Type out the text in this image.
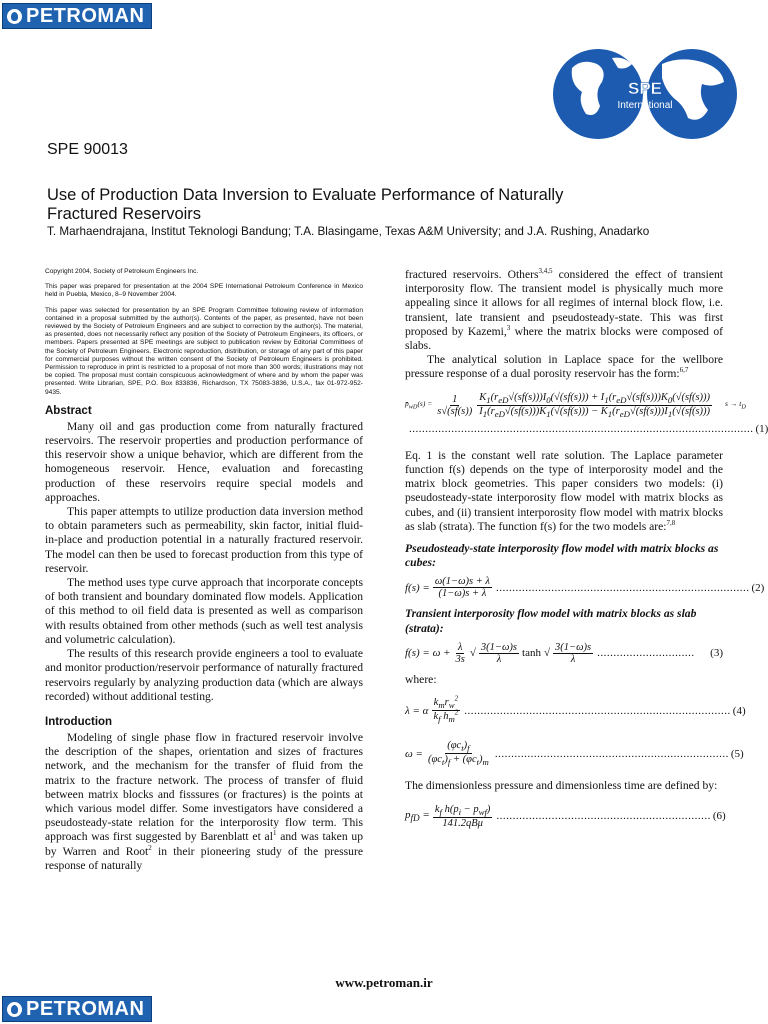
PETROMAN
SPE
International
SPE 90013
Use of Production Data Inversion to Evaluate Performance of Naturally
Fractured Reservoirs
T. Marhaendrajana, Institut Teknologi Bandung; T.A. Blasingame, Texas A&M University; and J.A. Rushing, Anadarko

Copyright 2004, Society of Petroleum Engineers Inc.

This paper was prepared for presentation at the 2004 SPE International Petroleum Conference in Mexico held in Puebla, Mexico, 8–9 November 2004.

This paper was selected for presentation by an SPE Program Committee following review of information contained in a proposal submitted by the author(s). Contents of the paper, as presented, have not been reviewed by the Society of Petroleum Engineers and are subject to correction by the author(s). The material, as presented, does not necessarily reflect any position of the Society of Petroleum Engineers, its officers, or members. Papers presented at SPE meetings are subject to publication review by Editorial Committees of the Society of Petroleum Engineers. Electronic reproduction, distribution, or storage of any part of this paper for commercial purposes without the written consent of the Society of Petroleum Engineers is prohibited. Permission to reproduce in print is restricted to a proposal of not more than 300 words; illustrations may not be copied. The proposal must contain conspicuous acknowledgment of where and by whom the paper was presented. Write Librarian, SPE, P.O. Box 833836, Richardson, TX 75083-3836, U.S.A., fax 01-972-952-9435.

Abstract

Many oil and gas production come from naturally fractured reservoirs. The reservoir properties and production performance of this reservoir show a unique behavior, which are different from the homogeneous reservoir. Hence, evaluation and forecasting production of these reservoirs require special models and approaches.

This paper attempts to utilize production data inversion method to obtain parameters such as permeability, skin factor, initial fluid-in-place and production potential in a naturally fractured reservoir. The model can then be used to forecast production from this type of reservoir.

The method uses type curve approach that incorporate concepts of both transient and boundary dominated flow models. Application of this method to oil field data is presented as well as comparison with results obtained from other methods (such as well test analysis and volumetric calculation).

The results of this research provide engineers a tool to evaluate and monitor production/reservoir performance of naturally fractured reservoirs regularly by analyzing production data (which are always recorded) without additional testing.

Introduction

Modeling of single phase flow in fractured reservoir involve the description of the shapes, orientation and sizes of fractures network, and the mechanism for the transfer of fluid from the matrix to the fracture network. The process of transfer of fluid between matrix blocks and fisssures (or fractures) is the points at which various model differ. Some investigators have considered a pseudosteady-state relation for the interporosity flow term. This approach was first suggested by Barenblatt et $al^1$ and was taken up by Warren and Root$^2$ in their pioneering study of the pressure response of naturally

fractured reservoirs. Others$^{3,4,5}$ considered the effect of transient interporosity flow. The transient model is physically much more appealing since it allows for all regimes of internal block flow, i.e. transient, late transient and pseudosteady-state. This was first proposed by Kazemi,$^3$ where the matrix blocks were composed of slabs.

The analytical solution in Laplace space for the wellbore pressure response of a dual porosity reservoir has the form:$^{6,7}$

$p̄_{wD}(s) = \frac{1}{s√(sf(s))} \frac{K_1(r_{eD}√(sf(s)))I_0(√(sf(s))) + I_1(r_{eD}√(sf(s)))K_0(√(sf(s)))}{I_1(r_{eD}√(sf(s)))K_1(√(sf(s))) - K_1(r_{eD}√(sf(s)))I_1(√(sf(s)))}$ $s \to t_D$
.......................................................................................................... (1)

Eq. 1 is the constant well rate solution. The Laplace parameter function f(s) depends on the type of interporosity model and the matrix block geometries. This paper considers two models: (i) pseudosteady-state interporosity flow model with matrix blocks as cubes, and (ii) transient interporosity flow model with matrix blocks as slab (strata). The function f(s) for the two models are:$^{7,8}$

Pseudosteady-state interporosity flow model with matrix blocks as cubes:

$f(s) = \frac{\omega(1-\omega)s + \lambda}{(1-\omega)s + \lambda}$ .............................................................................. (2)

Transient interporosity flow model with matrix blocks as slab (strata):

$f(s) = \omega + \frac{\lambda}{3s}$ √ $\frac{3(1-\omega)s}{\lambda}$ tanh √ $\frac{3(1-\omega)s}{\lambda}$ ..............................	(3)

where:

λ = α $\frac{k_mr_w^2}{k_f h_m^2}$ .................................................................................. (4)
$\omega = \frac{(\varphi c_t)_f}{(\varphi c_t)_f + (\varphi c_t)_m}$ ........................................................................ (5)

The dimensionless pressure and dimensionless time are defined by:

$p_{fD} = \frac{k_f h(p_i - p_{wf})}{\text{141.2qBμ}}$ .................................................................. (6)
www.petroman.ir
PETROMAN
